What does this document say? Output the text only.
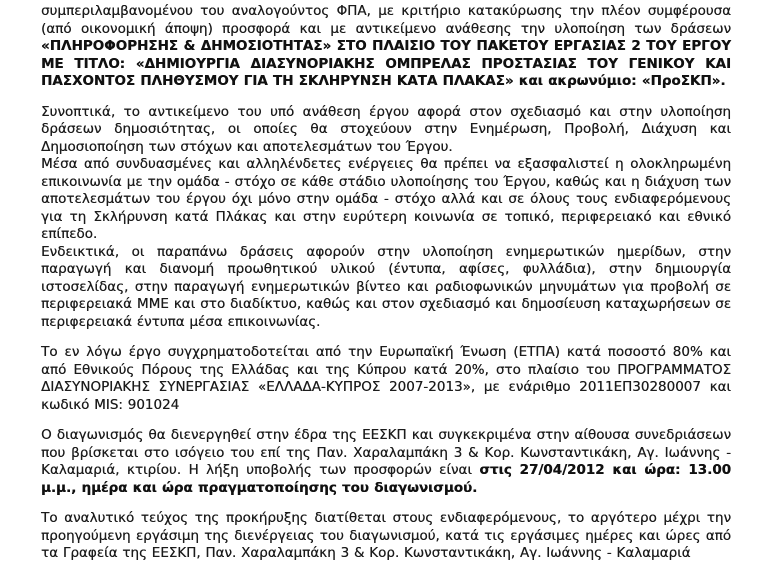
συμπεριλαμβανομένου του αναλογούντος ΦΠΑ, με κριτήριο κατακύρωσης την πλέον συμφέρουσα (από οικονομική άποψη) προσφορά και με αντικείμενο ανάθεσης την υλοποίηση των δράσεων «ΠΛΗΡΟΦΟΡΗΣΗΣ & ΔΗΜΟΣΙΟΤΗΤΑΣ» ΣΤΟ ΠΛΑΙΣΙΟ ΤΟΥ ΠΑΚΕΤΟΥ ΕΡΓΑΣΙΑΣ 2 ΤΟΥ ΕΡΓΟΥ ΜΕ ΤΙΤΛΟ: «ΔΗΜΙΟΥΡΓΙΑ ΔΙΑΣΥΝΟΡΙΑΚΗΣ ΟΜΠΡΕΛΑΣ ΠΡΟΣΤΑΣΙΑΣ ΤΟΥ ΓΕΝΙΚΟΥ ΚΑΙ ΠΑΣΧΟΝΤΟΣ ΠΛΗΘΥΣΜΟΥ ΓΙΑ ΤΗ ΣΚΛΗΡΥΝΣΗ ΚΑΤΑ ΠΛΑΚΑΣ» και ακρωνύμιο: «ΠροΣΚΠ».

Συνοπτικά, το αντικείμενο του υπό ανάθεση έργου αφορά στον σχεδιασμό και στην υλοποίηση δράσεων δημοσιότητας, οι οποίες θα στοχεύουν στην Ενημέρωση, Προβολή, Διάχυση και Δημοσιοποίηση των στόχων και αποτελεσμάτων του Έργου.

Μέσα από συνδυασμένες και αλληλένδετες ενέργειες θα πρέπει να εξασφαλιστεί η ολοκληρωμένη επικοινωνία με την ομάδα - στόχο σε κάθε στάδιο υλοποίησης του Έργου, καθώς και η διάχυση των αποτελεσμάτων του έργου όχι μόνο στην ομάδα - στόχο αλλά και σε όλους τους ενδιαφερόμενους για τη Σκλήρυνση κατά Πλάκας και στην ευρύτερη κοινωνία σε τοπικό, περιφερειακό και εθνικό επίπεδο.

Ενδεικτικά, οι παραπάνω δράσεις αφορούν στην υλοποίηση ενημερωτικών ημερίδων, στην παραγωγή και διανομή προωθητικού υλικού (έντυπα, αφίσες, φυλλάδια), στην δημιουργία ιστοσελίδας, στην παραγωγή ενημερωτικών βίντεο και ραδιοφωνικών μηνυμάτων για προβολή σε περιφερειακά ΜΜΕ και στο διαδίκτυο, καθώς και στον σχεδιασμό και δημοσίευση καταχωρήσεων σε περιφερειακά έντυπα μέσα επικοινωνίας.

Το εν λόγω έργο συγχρηματοδοτείται από την Ευρωπαϊκή Ένωση (ΕΤΠΑ) κατά ποσοστό 80% και από Εθνικούς Πόρους της Ελλάδας και της Κύπρου κατά 20%, στο πλαίσιο του ΠΡΟΓΡΑΜΜΑΤΟΣ ΔΙΑΣΥΝΟΡΙΑΚΗΣ ΣΥΝΕΡΓΑΣΙΑΣ «ΕΛΛΑΔΑ-ΚΥΠΡΟΣ 2007-2013», με ενάριθμο 2011ΕΠ30280007 και κωδικό MIS: 901024

Ο διαγωνισμός θα διενεργηθεί στην έδρα της ΕΕΣΚΠ και συγκεκριμένα στην αίθουσα συνεδριάσεων που βρίσκεται στο ισόγειο του επί της Παν. Χαραλαμπάκη 3 & Κορ. Κωνσταντικάκη, Αγ. Ιωάννης - Καλαμαριά, κτιρίου. Η λήξη υποβολής των προσφορών είναι στις 27/04/2012 και ώρα: 13.00 μ.μ., ημέρα και ώρα πραγματοποίησης του διαγωνισμού.

Το αναλυτικό τεύχος της προκήρυξης διατίθεται στους ενδιαφερόμενους, το αργότερο μέχρι την προηγούμενη εργάσιμη της διενέργειας του διαγωνισμού, κατά τις εργάσιμες ημέρες και ώρες από τα Γραφεία της ΕΕΣΚΠ, Παν. Χαραλαμπάκη 3 & Κορ. Κωνσταντικάκη, Αγ. Ιωάννης - Καλαμαριά
